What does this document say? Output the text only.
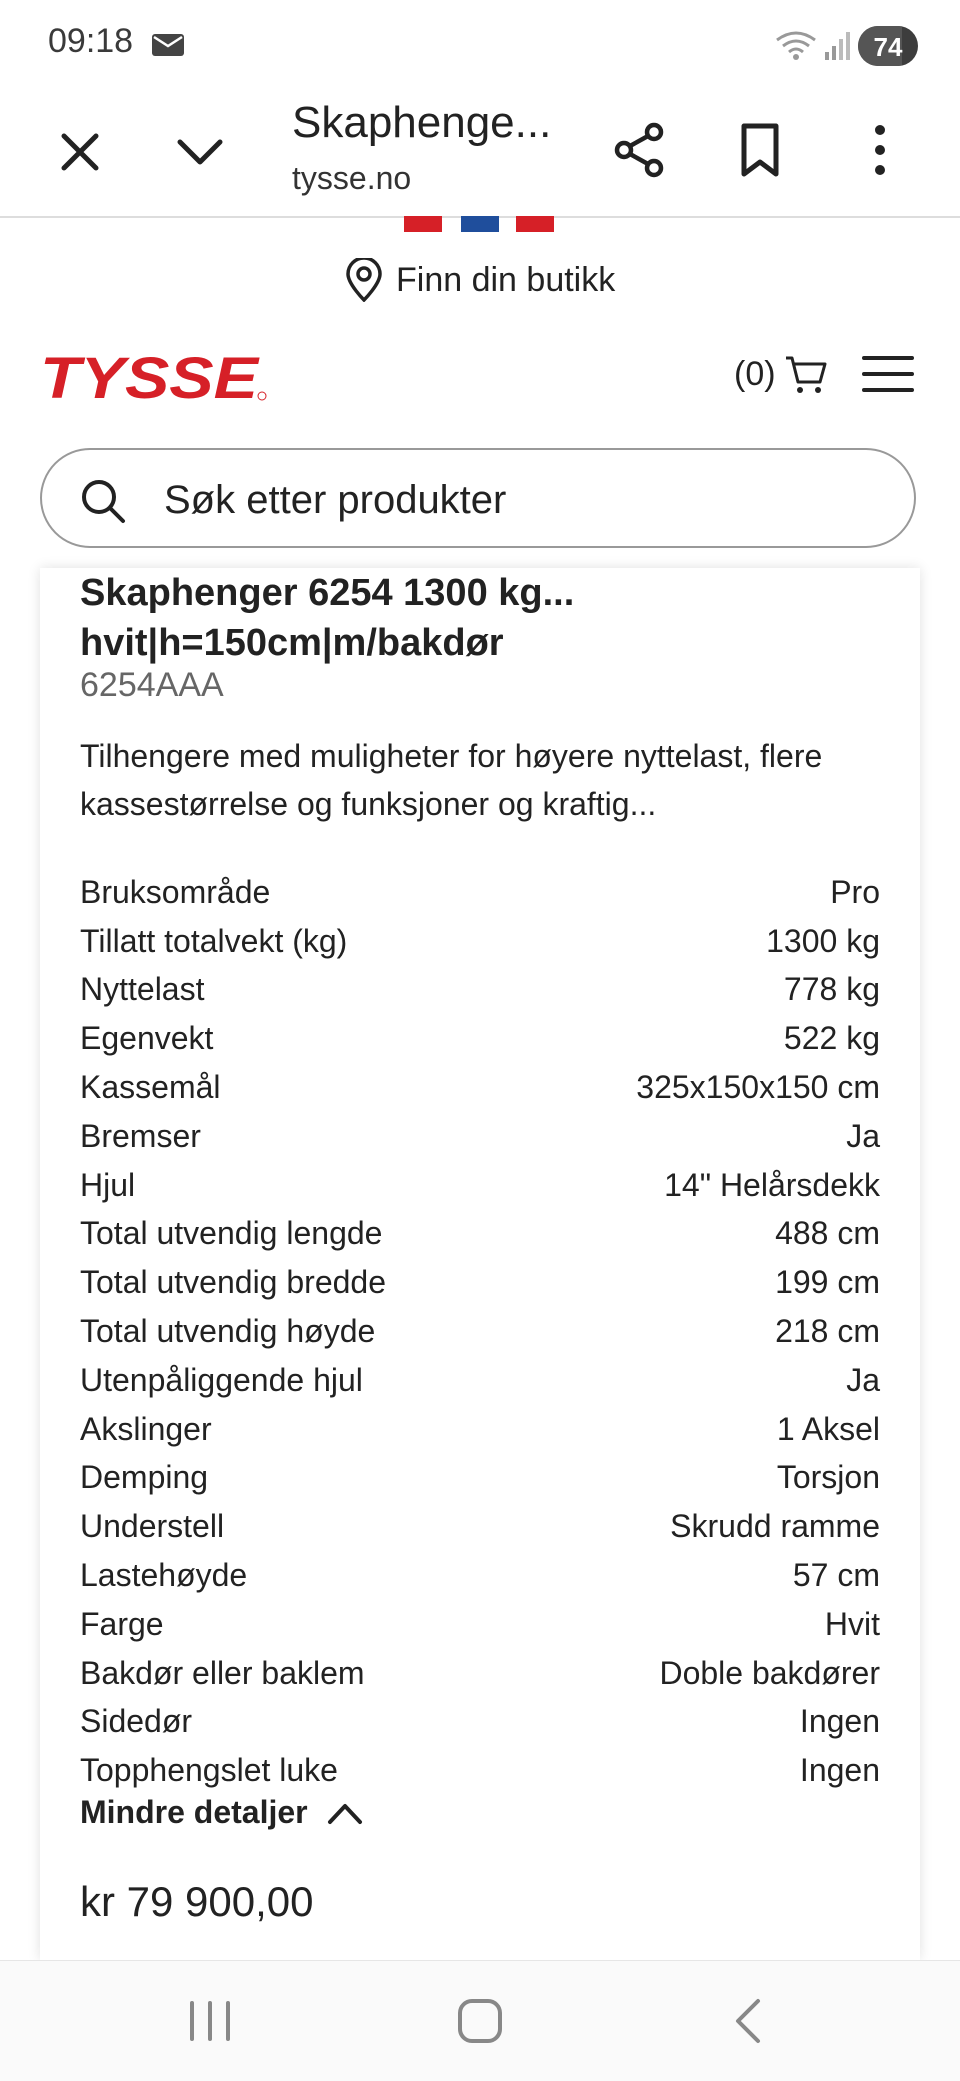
09:18	74
Skaphenge...
tysse.no
Finn din butikk
TYSSE	(0)
Søk etter produkter
Skaphenger 6254 1300 kg... hvit|h=150cm|m/bakdør
6254AAA
Tilhengere med muligheter for høyere nyttelast, flere kassestørrelse og funksjoner og kraftig...
Bruksområde	Pro
Tillatt totalvekt (kg)	1300 kg
Nyttelast	778 kg
Egenvekt	522 kg
Kassemål	325x150x150 cm
Bremser	Ja
Hjul	14" Helårsdekk
Total utvendig lengde	488 cm
Total utvendig bredde	199 cm
Total utvendig høyde	218 cm
Utenpåliggende hjul	Ja
Akslinger	1 Aksel
Demping	Torsjon
Understell	Skrudd ramme
Lastehøyde	57 cm
Farge	Hvit
Bakdør eller baklem	Doble bakdører
Sidedør	Ingen
Topphengslet luke	Ingen
Mindre detaljer
kr 79 900,00
